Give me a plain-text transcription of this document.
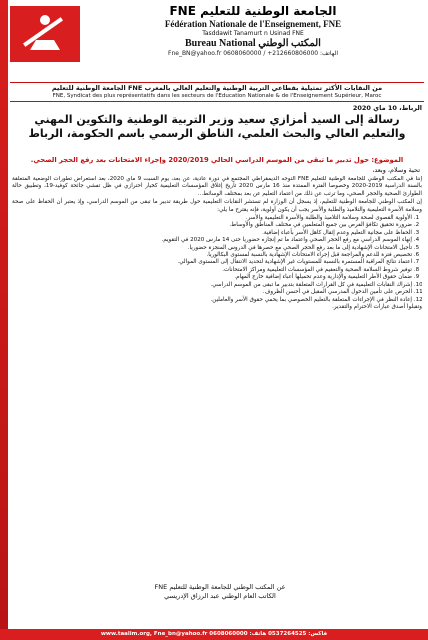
FNE الجامعة الوطنية للتعليم
Fédération Nationale de l'Enseignement, FNE
Tasddawit Tanamurt n Usinad FNE
Bureau National المكتب الوطني
Fne_BN@yahoo.fr الهاتف: 212660806000+ / 0608060000
الجامعة الوطنية للتعليم FNE من النقابات الأكثر تمثيلية بقطاعي التربية الوطنية والتعليم العالي بالمغرب
FNE, Syndicat des plus représentatifs dans les secteurs de l'Education Nationale & de l'Enseignement Supérieur, Maroc
الرباط، 10 ماي 2020
رسالة إلى السيد أمزازي سعيد وزير التربية الوطنية والتكوين المهني
والتعليم العالي والبحث العلمي، الناطق الرسمي باسم الحكومة، الرباط
الموضوع: حول تدبير ما تبقى من الموسم الدراسي الحالي 2020/2019 وإجراء الامتحانات بعد رفع الحجر الصحي.
تحية وسلام، وبعد،

إننا في المكتب الوطني للجامعة الوطنية للتعليم FNE التوجه الديمقراطي المجتمع في دورة عادية، عن بعد، يوم السبت 9 ماي 2020، بعد استعراض تطورات الوضعية المتعلقة بالسنة الدراسية 2019-2020 وخصوصا الفترة الممتدة منذ 16 مارس 2020 تاريخ إغلاق المؤسسات التعليمية كخيار احترازي في ظل تفشي جائحة كوفيد-19، وتطبيق حالة الطوارئ الصحية والحجر الصحي، وما ترتب عن ذلك من اعتماد التعليم عن بعد بمختلف الوسائط...

إن المكتب الوطني للجامعة الوطنية للتعليم، إذ يسجل أن الوزارة لم تستشر النقابات التعليمية حول طريقة تدبير ما تبقى من الموسم الدراسي، وإذ يعتبر أن الحفاظ على صحة وسلامة الأسرة التعليمية والتلاميذ والطلبة والأسر يجب أن يكون أولوية، فإنه يقترح ما يلي:

1. الأولوية القصوى لصحة وسلامة التلاميذ والطلبة والأسرة التعليمية والأسر.
2. ضرورة تحقيق تكافؤ الفرص بين جميع المتعلمين في مختلف المناطق والأوساط.
3. الحفاظ على مجانية التعليم وعدم إثقال كاهل الأسر بأعباء إضافية.
4. إنهاء الموسم الدراسي مع رفع الحجر الصحي واعتماد ما تم إنجازه حضوريا حتى 14 مارس 2020 في التقويم.
5. تأجيل الامتحانات الإشهادية إلى ما بعد رفع الحجر الصحي مع حصرها في الدروس المنجزة حضوريا.
6. تخصيص فترة للدعم والمراجعة قبل إجراء الامتحانات الإشهادية بالنسبة لمستوى البكالوريا.
7. اعتماد نتائج المراقبة المستمرة بالنسبة للمستويات غير الإشهادية لتحديد الانتقال إلى المستوى الموالي.
8. توفير شروط السلامة الصحية والتعقيم في المؤسسات التعليمية ومراكز الامتحانات.
9. ضمان حقوق الأطر التعليمية والإدارية وعدم تحميلها أعباء إضافية خارج المهام.
10. إشراك النقابات التعليمية في كل القرارات المتعلقة بتدبير ما تبقى من الموسم الدراسي.
11. الحرص على تأمين الدخول المدرسي المقبل في أحسن الظروف.
12. إعادة النظر في الإجراءات المتعلقة بالتعليم الخصوصي بما يحمي حقوق الأسر والعاملين.

وتقبلوا أصدق عبارات الاحترام والتقدير.

عن المكتب الوطني للجامعة الوطنية للتعليم FNE
الكاتب العام الوطني عبد الرزاق الإدريسي
www.taalim.org, Fne_bn@yahoo.fr فاكس: 0537264525 هاتف: 0608060000
